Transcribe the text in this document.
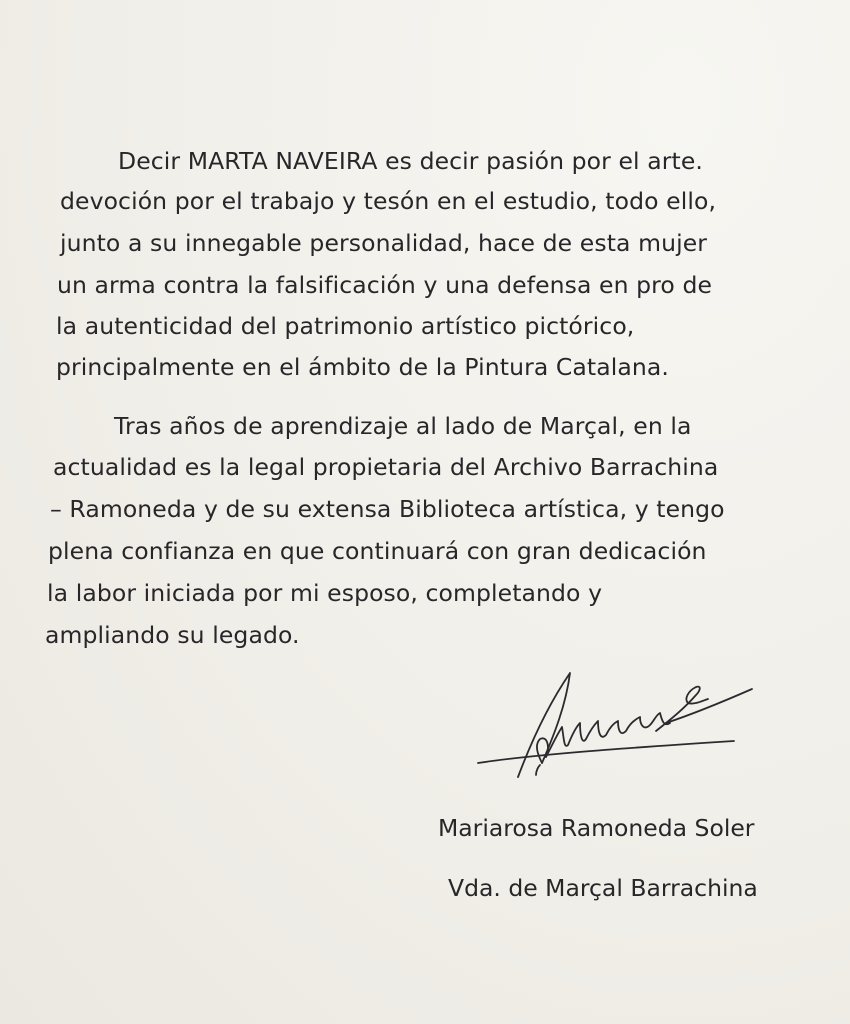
Decir MARTA NAVEIRA es decir pasión por el arte.
devoción por el trabajo y tesón en el estudio, todo ello,
junto a su innegable personalidad, hace de esta mujer
un arma contra la falsificación y una defensa en pro de
la autenticidad del patrimonio artístico pictórico,
principalmente en el ámbito de la Pintura Catalana.
Tras años de aprendizaje al lado de Marçal, en la
actualidad es la legal propietaria del Archivo Barrachina
– Ramoneda y de su extensa Biblioteca artística, y tengo
plena confianza en que continuará con gran dedicación
la labor iniciada por mi esposo, completando y
ampliando su legado.
Mariarosa Ramoneda Soler
Vda. de Marçal Barrachina
